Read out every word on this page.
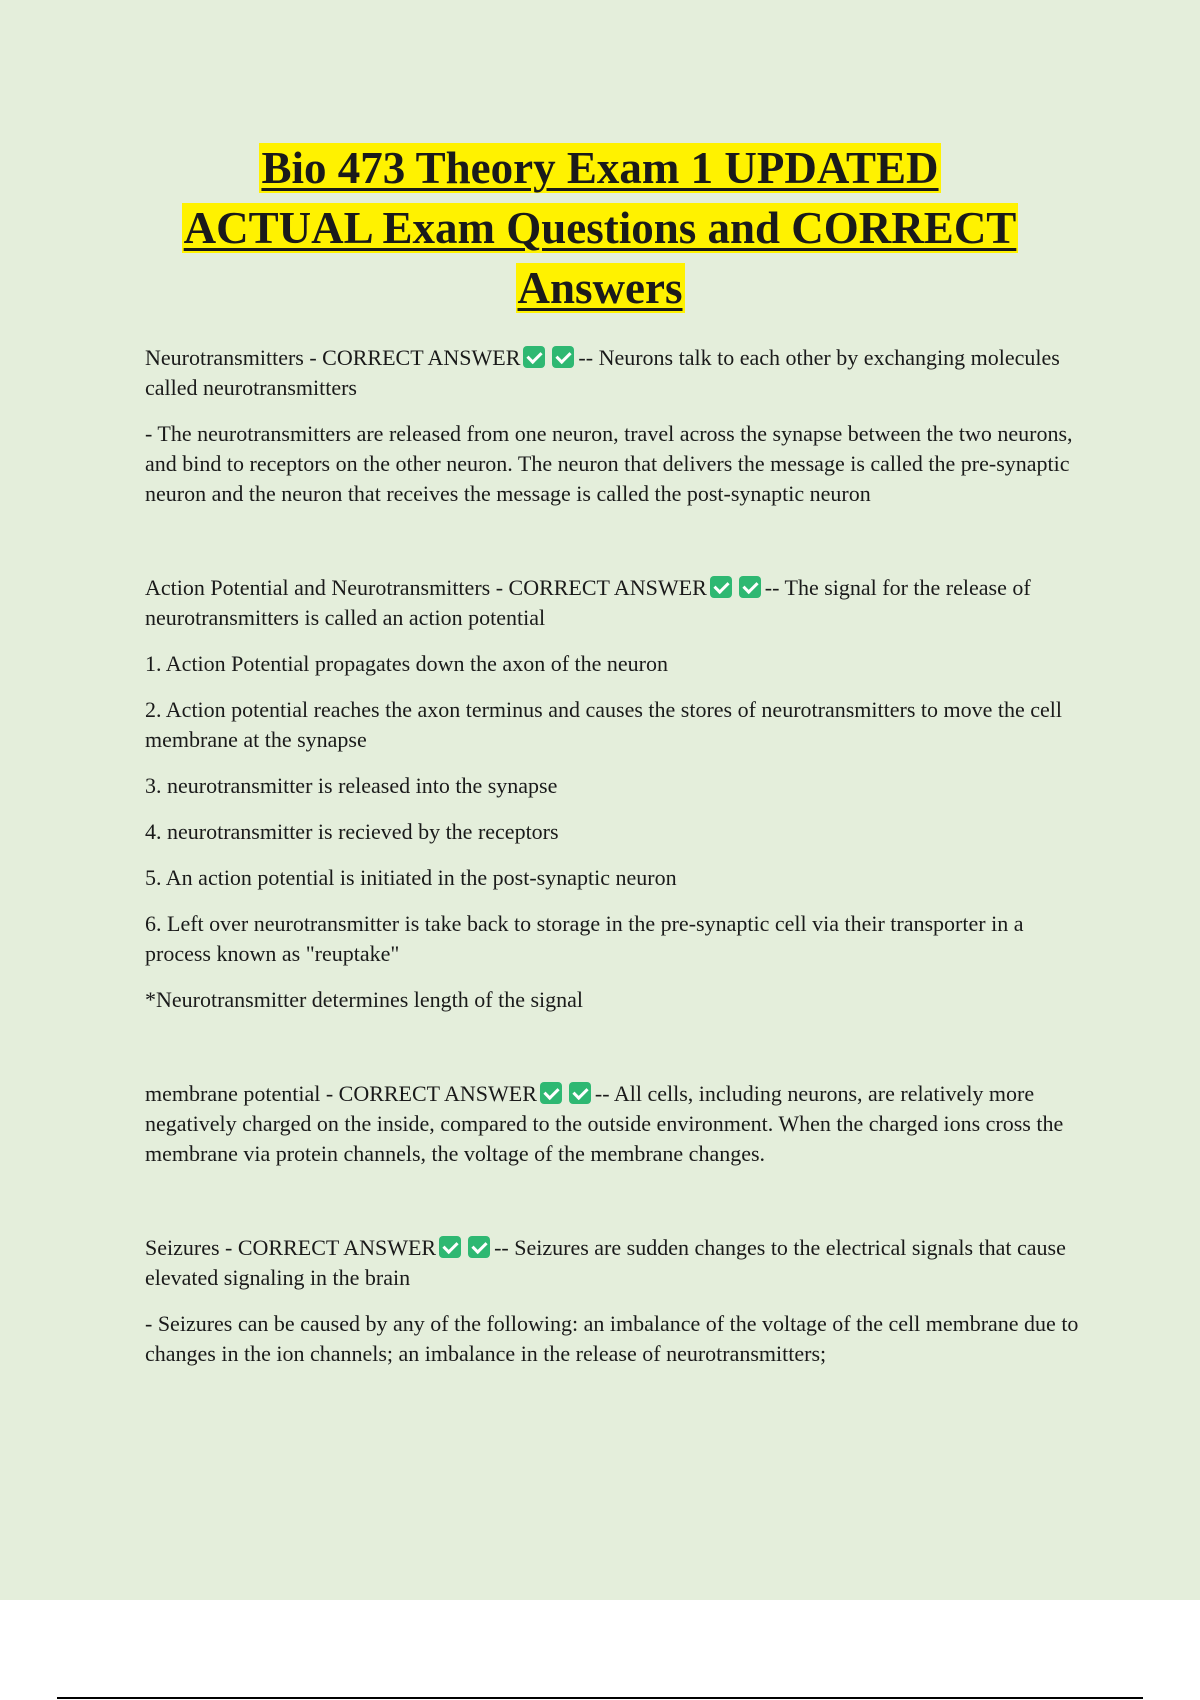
Bio 473 Theory Exam 1 UPDATED
ACTUAL Exam Questions and CORRECT
Answers

Neurotransmitters - CORRECT ANSWER	-- Neurons talk to each other by exchanging molecules called neurotransmitters

- The neurotransmitters are released from one neuron, travel across the synapse between the two neurons, and bind to receptors on the other neuron. The neuron that delivers the message is called the pre-synaptic neuron and the neuron that receives the message is called the post-synaptic neuron

Action Potential and Neurotransmitters - CORRECT ANSWER	-- The signal for the release of neurotransmitters is called an action potential

1. Action Potential propagates down the axon of the neuron

2. Action potential reaches the axon terminus and causes the stores of neurotransmitters to move the cell membrane at the synapse

3. neurotransmitter is released into the synapse

4. neurotransmitter is recieved by the receptors

5. An action potential is initiated in the post-synaptic neuron

6. Left over neurotransmitter is take back to storage in the pre-synaptic cell via their transporter in a process known as "reuptake"

*Neurotransmitter determines length of the signal

membrane potential - CORRECT ANSWER	-- All cells, including neurons, are relatively more negatively charged on the inside, compared to the outside environment. When the charged ions cross the membrane via protein channels, the voltage of the membrane changes.

Seizures - CORRECT ANSWER	-- Seizures are sudden changes to the electrical signals that cause elevated signaling in the brain

- Seizures can be caused by any of the following: an imbalance of the voltage of the cell membrane due to changes in the ion channels; an imbalance in the release of neurotransmitters;
